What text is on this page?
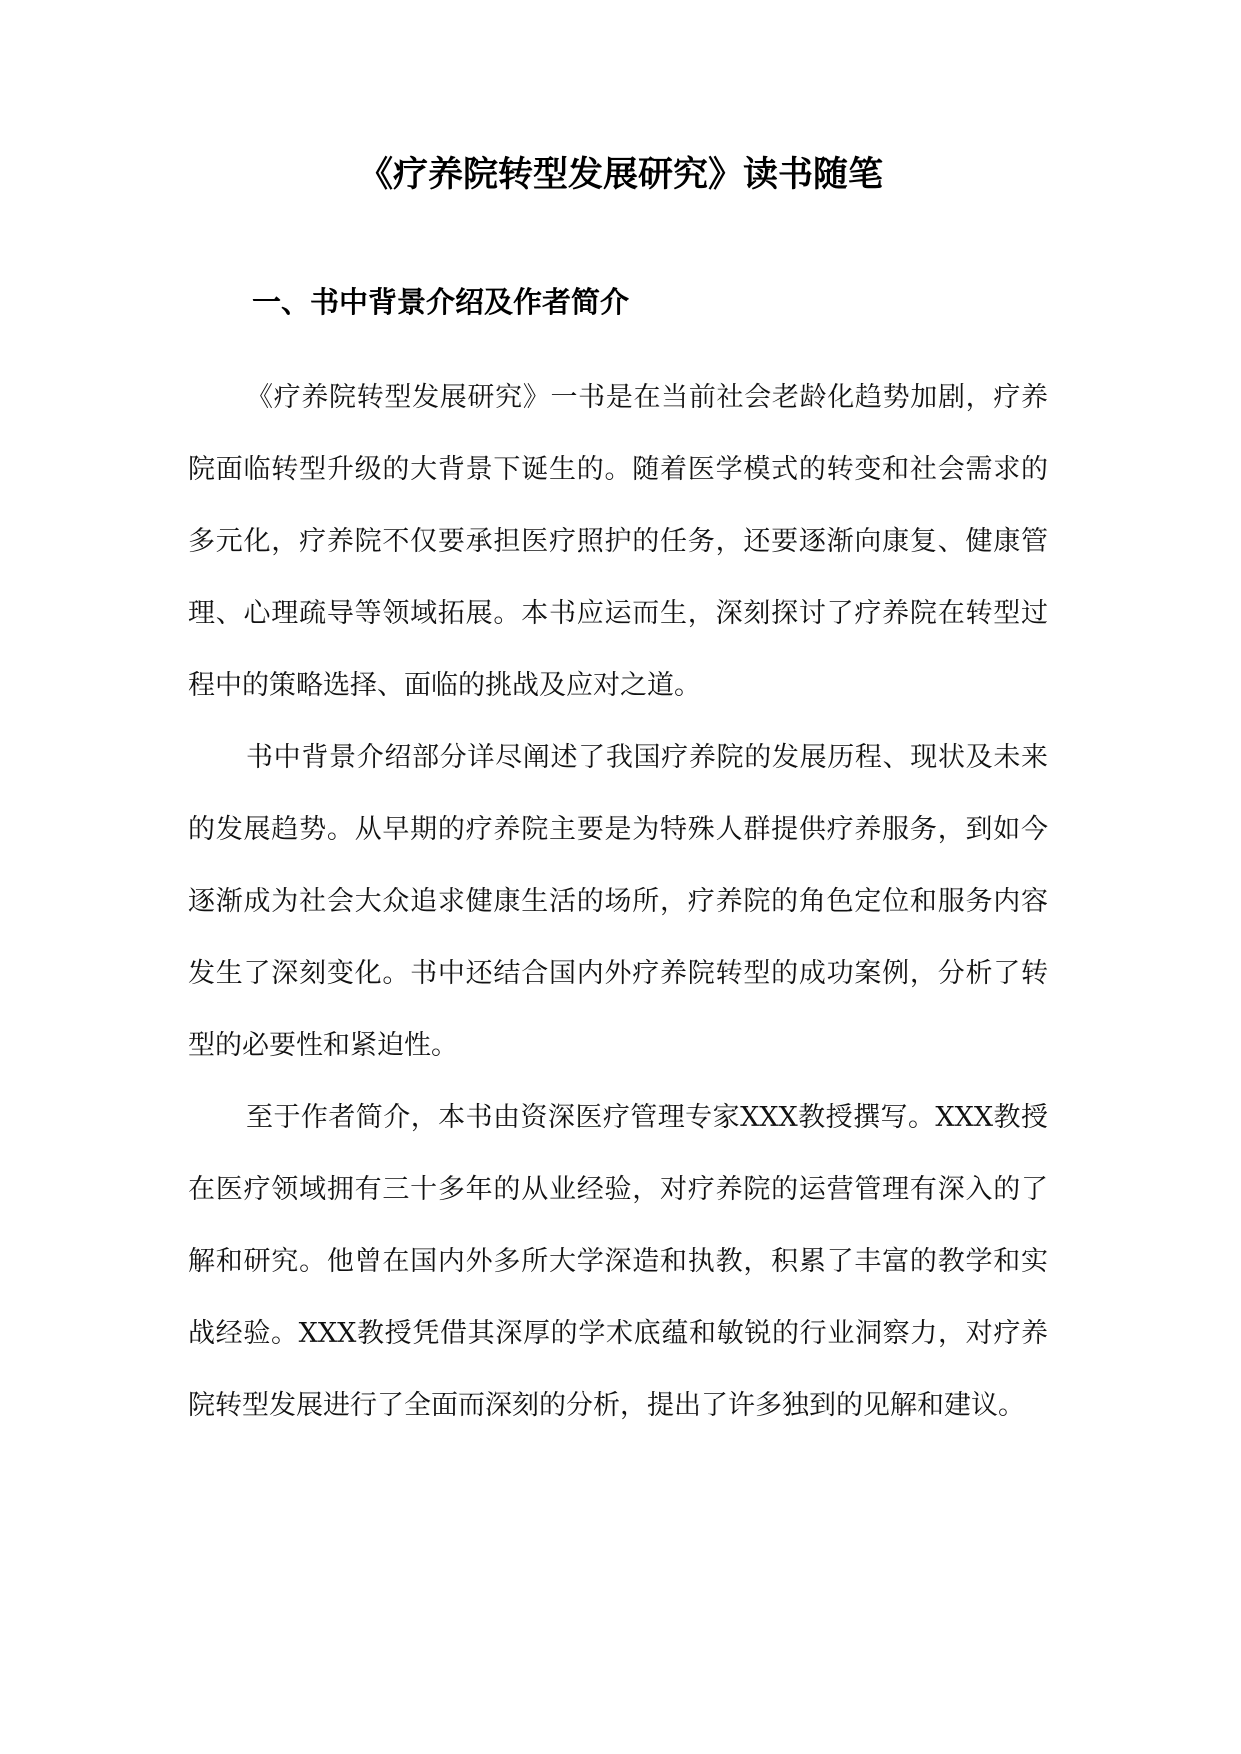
《疗养院转型发展研究》读书随笔
一、书中背景介绍及作者简介

《疗养院转型发展研究》一书是在当前社会老龄化趋势加剧，疗养院面临转型升级的大背景下诞生的。随着医学模式的转变和社会需求的多元化，疗养院不仅要承担医疗照护的任务，还要逐渐向康复、健康管理、心理疏导等领域拓展。本书应运而生，深刻探讨了疗养院在转型过程中的策略选择、面临的挑战及应对之道。

书中背景介绍部分详尽阐述了我国疗养院的发展历程、现状及未来的发展趋势。从早期的疗养院主要是为特殊人群提供疗养服务，到如今逐渐成为社会大众追求健康生活的场所，疗养院的角色定位和服务内容发生了深刻变化。书中还结合国内外疗养院转型的成功案例，分析了转型的必要性和紧迫性。

至于作者简介，本书由资深医疗管理专家XXX教授撰写。XXX教授在医疗领域拥有三十多年的从业经验，对疗养院的运营管理有深入的了解和研究。他曾在国内外多所大学深造和执教，积累了丰富的教学和实战经验。XXX教授凭借其深厚的学术底蕴和敏锐的行业洞察力，对疗养院转型发展进行了全面而深刻的分析，提出了许多独到的见解和建议。
